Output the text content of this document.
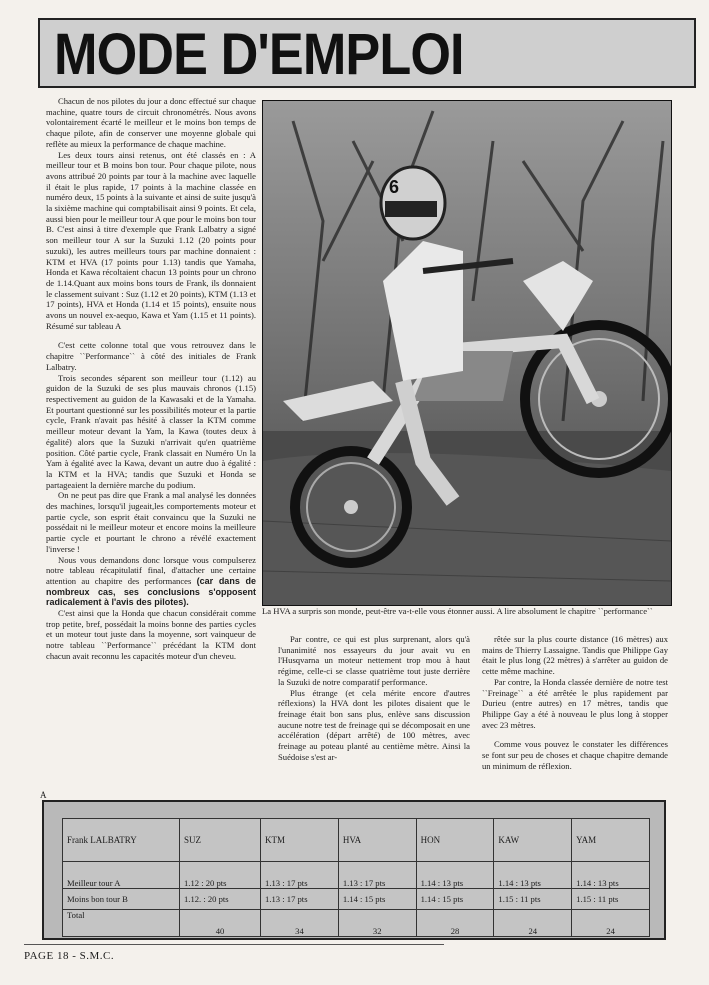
MODE D'EMPLOI

Chacun de nos pilotes du jour a donc effectué sur chaque machine, quatre tours de circuit chronométrés. Nous avons volontairement écarté le meilleur et le moins bon temps de chaque pilote, afin de conserver une moyenne globale qui reflète au mieux la performance de chaque machine.

Les deux tours ainsi retenus, ont été classés en : A meilleur tour et B moins bon tour. Pour chaque pilote, nous avons attribué 20 points par tour à la machine avec laquelle il était le plus rapide, 17 points à la machine classée en numéro deux, 15 points à la suivante et ainsi de suite jusqu'à la sixième machine qui comptabilisait ainsi 9 points. Et cela, aussi bien pour le meilleur tour A que pour le moins bon tour B. C'est ainsi à titre d'exemple que Frank Lalbatry a signé son meilleur tour A sur la Suzuki 1.12 (20 points pour suzuki), les autres meilleurs tours par machine donnaient : KTM et HVA (17 points pour 1.13) tandis que Yamaha, Honda et Kawa récoltaient chacun 13 points pour un chrono de 1.14.Quant aux moins bons tours de Frank, ils donnaient le classement suivant : Suz (1.12 et 20 points), KTM (1.13 et 17 points), HVA et Honda (1.14 et 15 points), ensuite nous avons un nouvel ex-aequo, Kawa et Yam (1.15 et 11 points). Résumé sur tableau A

C'est cette colonne total que vous retrouvez dans le chapitre ``Performance`` à côté des initiales de Frank Lalbatry.

Trois secondes séparent son meilleur tour (1.12) au guidon de la Suzuki de ses plus mauvais chronos (1.15) respectivement au guidon de la Kawasaki et de la Yamaha. Et pourtant questionné sur les possibilités moteur et la partie cycle, Frank n'avait pas hésité à classer la KTM comme meilleur moteur devant la Yam, la Kawa (toutes deux à égalité) alors que la Suzuki n'arrivait qu'en quatrième position. Côté partie cycle, Frank classait en Numéro Un la Yam à égalité avec la Kawa, devant un autre duo à égalité : la KTM et la HVA; tandis que Suzuki et Honda se partageaient la dernière marche du podium.

On ne peut pas dire que Frank a mal analysé les données des machines, lorsqu'il jugeait,les comportements moteur et partie cycle, son esprit était convaincu que la Suzuki ne possédait ni le meilleur moteur et encore moins la meilleure partie cycle et pourtant le chrono a révélé exactement l'inverse !

Nous vous demandons donc lorsque vous compulserez notre tableau récapitulatif final, d'attacher une certaine attention au chapitre des performances (car dans de nombreux cas, ses conclusions s'opposent radicalement à l'avis des pilotes).

C'est ainsi que la Honda que chacun considérait comme trop petite, bref, possédait la moins bonne des parties cycles et un moteur tout juste dans la moyenne, sort vainqueur de notre tableau ``Performance`` précédant la KTM dont chacun avait reconnu les capacités moteur d'un cheveu.

6
La HVA a surpris son monde, peut-être va-t-elle vous étonner aussi. A lire absolument le chapitre ``performance``

Par contre, ce qui est plus surprenant, alors qu'à l'unanimité nos essayeurs du jour avait vu en l'Husqvarna un moteur nettement trop mou à haut régime, celle-ci se classe quatrième tout juste derrière la Suzuki de notre comparatif performance.

Plus étrange (et cela mérite encore d'autres réflexions) la HVA dont les pilotes disaient que le freinage était bon sans plus, enlève sans discussion aucune notre test de freinage qui se décomposait en une accélération (départ arrêté) de 100 mètres, avec freinage au poteau planté au centième mètre. Ainsi la Suédoise s'est ar-

rêtée sur la plus courte distance (16 mètres) aux mains de Thierry Lassaigne. Tandis que Philippe Gay était le plus long (22 mètres) à s'arrêter au guidon de cette même machine.

Par contre, la Honda classée dernière de notre test ``Freinage`` a été arrêtée le plus rapidement par Durieu (entre autres) en 17 mètres, tandis que Philippe Gay a été à nouveau le plus long à stopper avec 23 mètres.

Comme vous pouvez le constater les différences se font sur peu de choses et chaque chapitre demande un minimum de réflexion.

A
Frank LALBATRY	SUZ	KTM	HVA	HON	KAW	YAM
Meilleur tour A	1.12 : 20 pts	1.13 : 17 pts	1.13 : 17 pts	1.14 : 13 pts	1.14 : 13 pts	1.14 : 13 pts
Moins bon tour B	1.12. : 20 pts	1.13 : 17 pts	1.14 : 15 pts	1.14 : 15 pts	1.15 : 11 pts	1.15 : 11 pts
Total	40	34	32	28	24	24
PAGE 18 - S.M.C.
